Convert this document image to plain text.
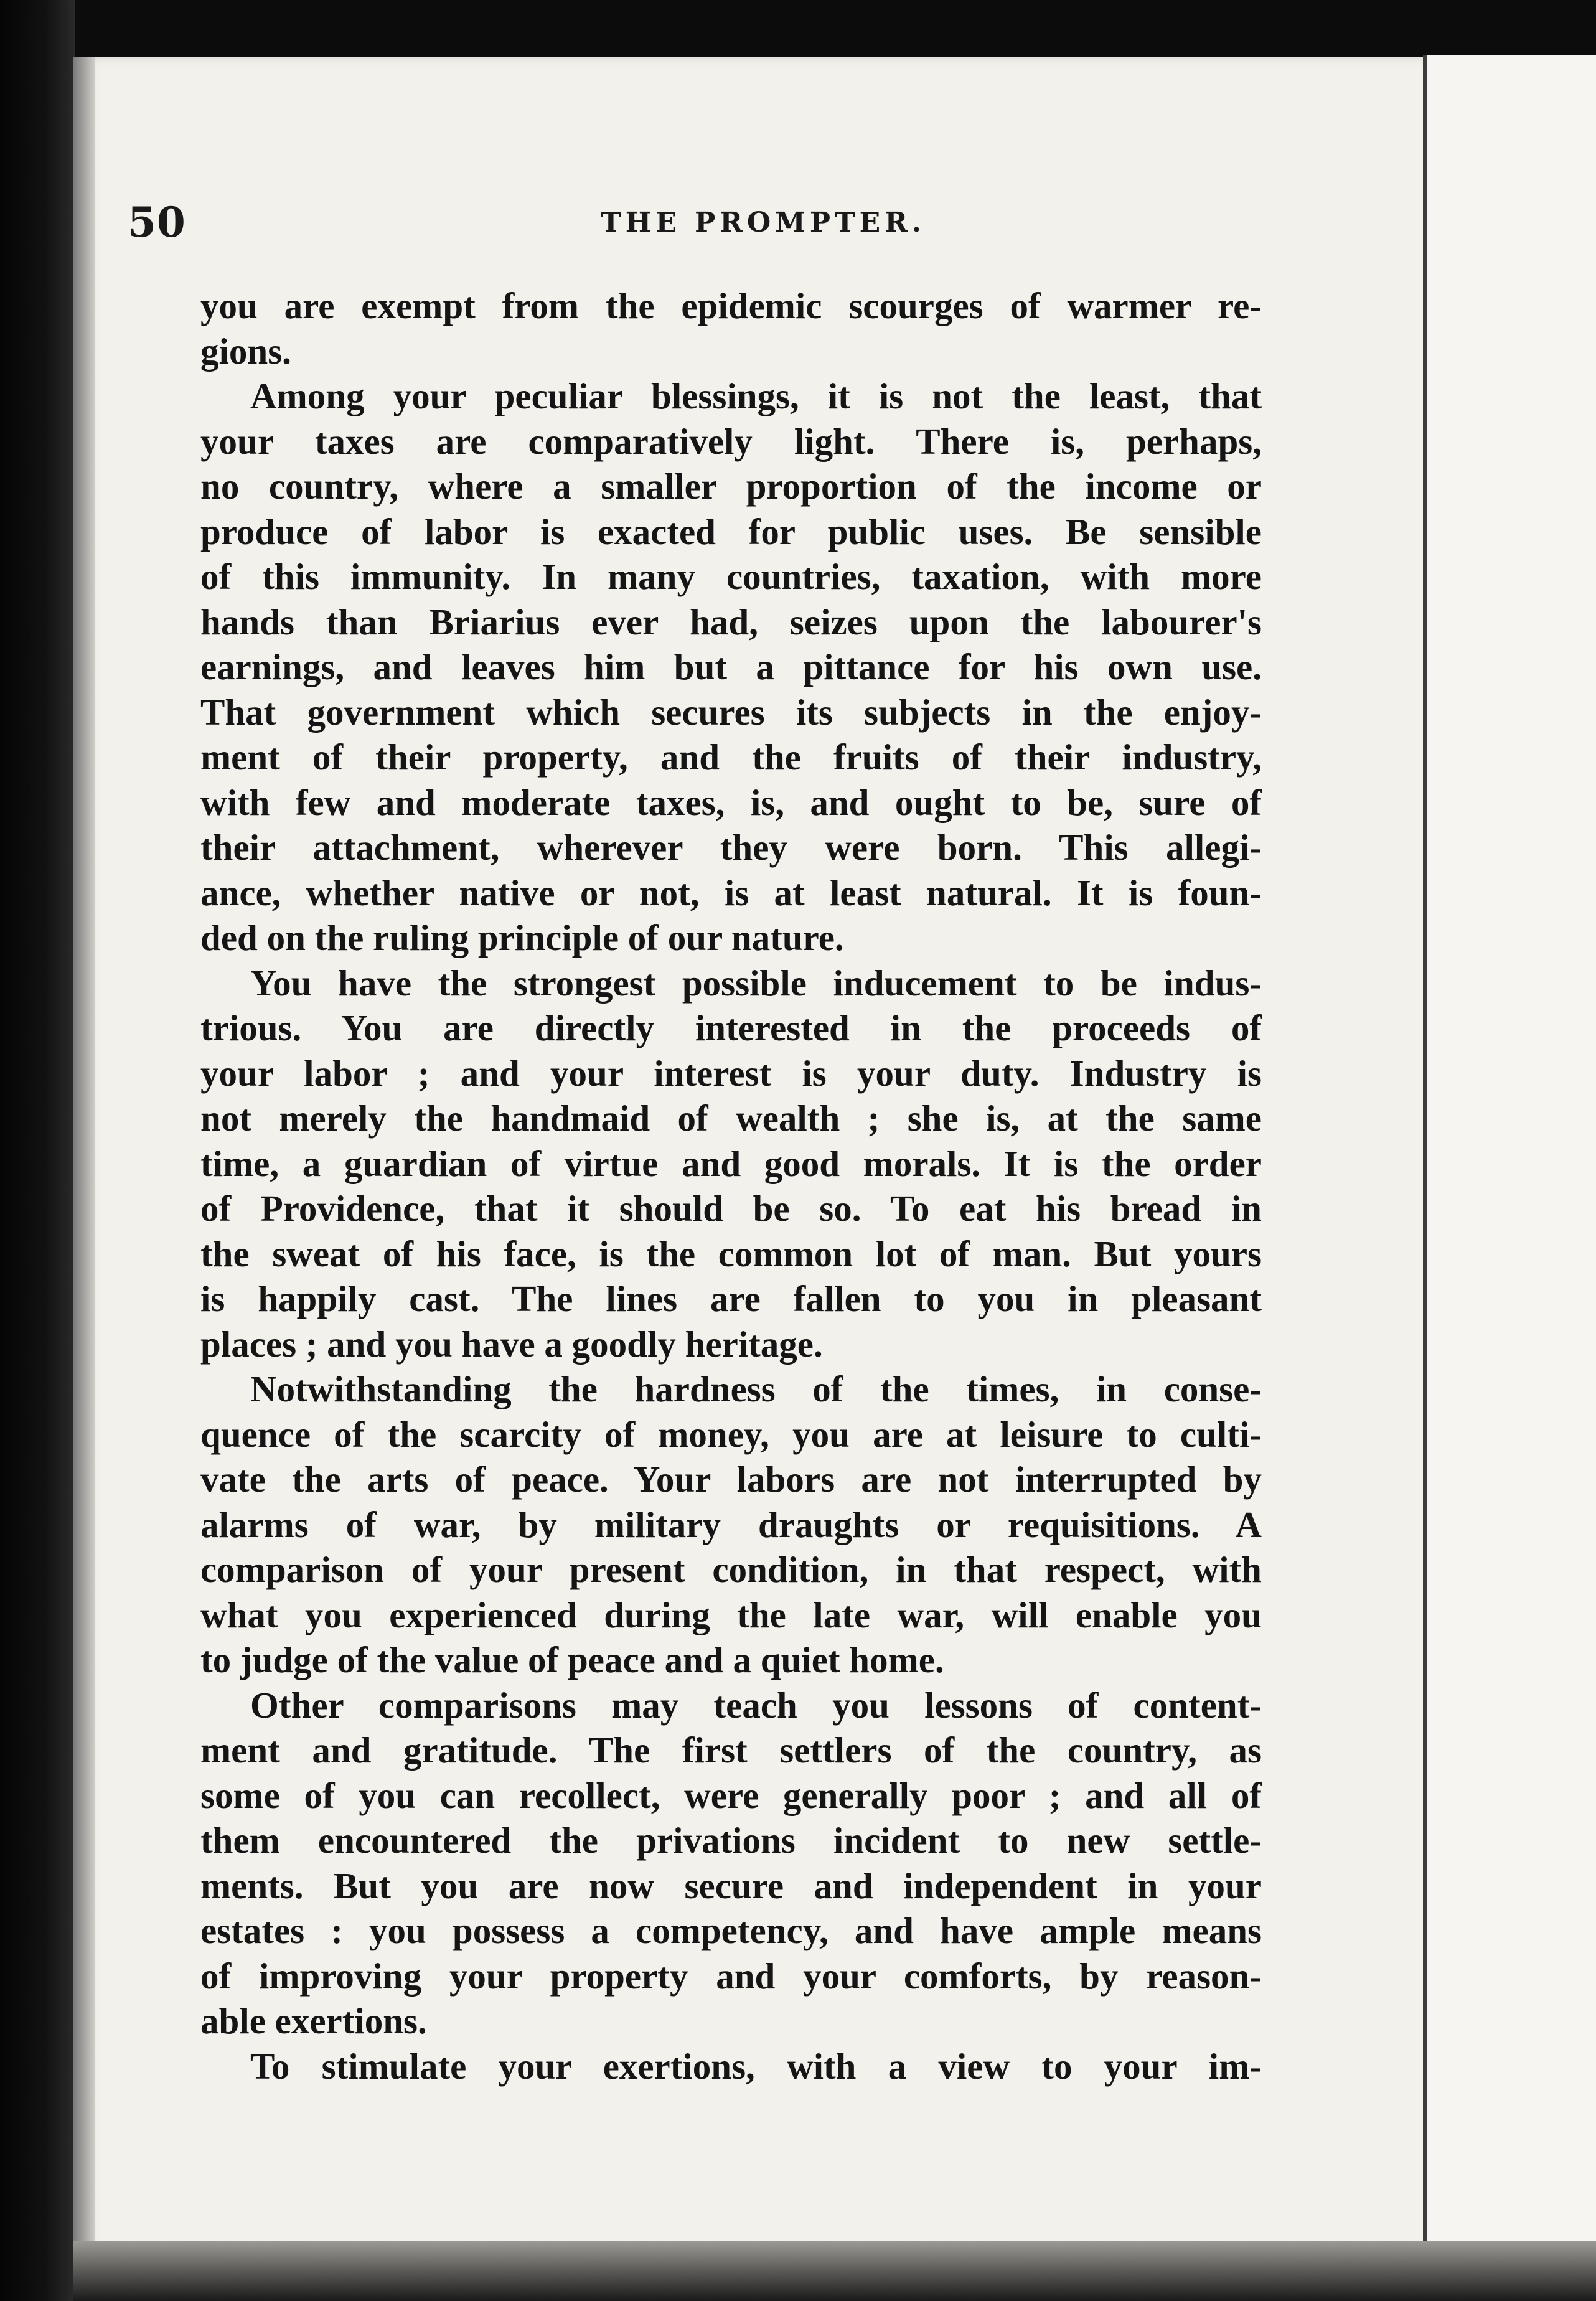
50	THE PROMPTER.
you are exempt from the epidemic scourges of warmer re-
gions.
Among your peculiar blessings, it is not the least, that
your taxes are comparatively light. There is, perhaps,
no country, where a smaller proportion of the income or
produce of labor is exacted for public uses. Be sensible
of this immunity. In many countries, taxation, with more
hands than Briarius ever had, seizes upon the labourer's
earnings, and leaves him but a pittance for his own use.
That government which secures its subjects in the enjoy-
ment of their property, and the fruits of their industry,
with few and moderate taxes, is, and ought to be, sure of
their attachment, wherever they were born. This allegi-
ance, whether native or not, is at least natural. It is foun-
ded on the ruling principle of our nature.
You have the strongest possible inducement to be indus-
trious. You are directly interested in the proceeds of
your labor ; and your interest is your duty. Industry is
not merely the handmaid of wealth ; she is, at the same
time, a guardian of virtue and good morals. It is the order
of Providence, that it should be so. To eat his bread in
the sweat of his face, is the common lot of man. But yours
is happily cast. The lines are fallen to you in pleasant
places ; and you have a goodly heritage.
Notwithstanding the hardness of the times, in conse-
quence of the scarcity of money, you are at leisure to culti-
vate the arts of peace. Your labors are not interrupted by
alarms of war, by military draughts or requisitions. A
comparison of your present condition, in that respect, with
what you experienced during the late war, will enable you
to judge of the value of peace and a quiet home.
Other comparisons may teach you lessons of content-
ment and gratitude. The first settlers of the country, as
some of you can recollect, were generally poor ; and all of
them encountered the privations incident to new settle-
ments. But you are now secure and independent in your
estates : you possess a competency, and have ample means
of improving your property and your comforts, by reason-
able exertions.
To stimulate your exertions, with a view to your im-
